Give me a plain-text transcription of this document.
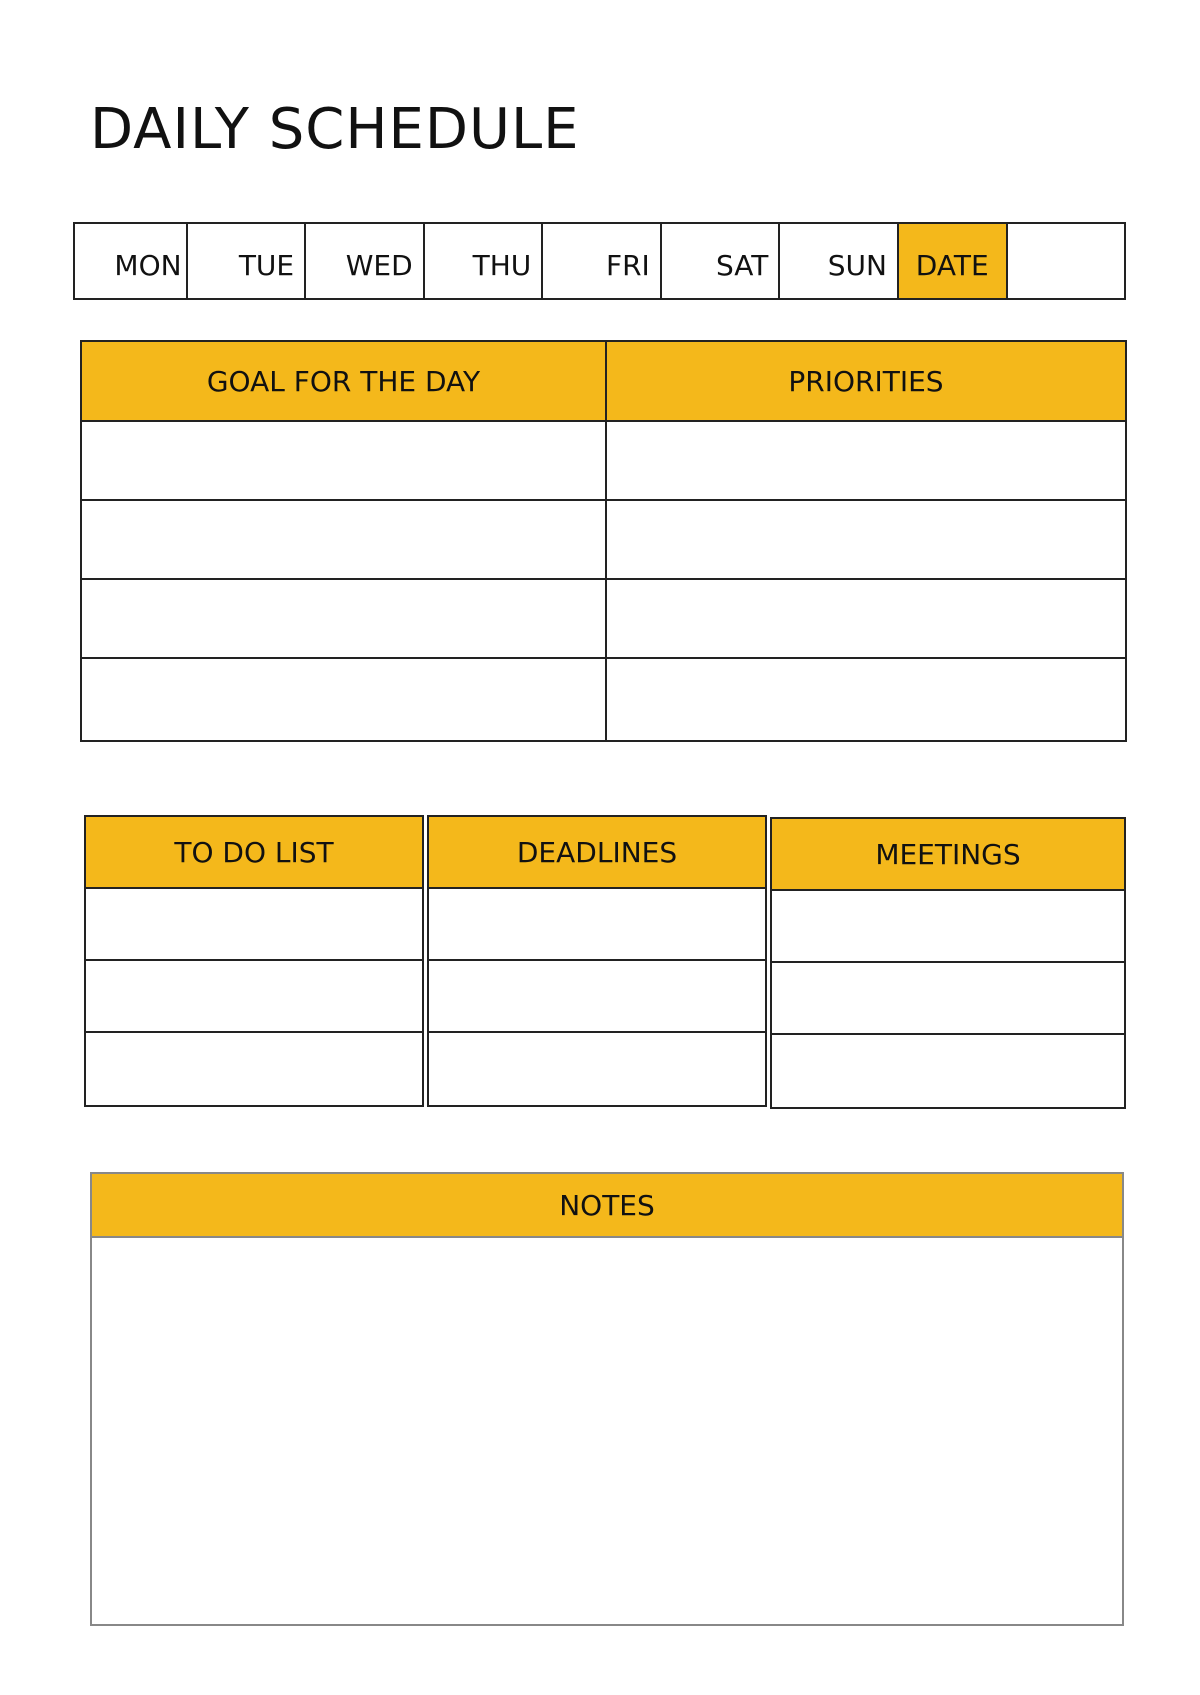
DAILY SCHEDULE
MON	TUE	WED	THU	FRI	SAT	SUN	DATE
GOAL FOR THE DAY	PRIORITIES
TO DO LIST	DEADLINES	MEETINGS
NOTES
